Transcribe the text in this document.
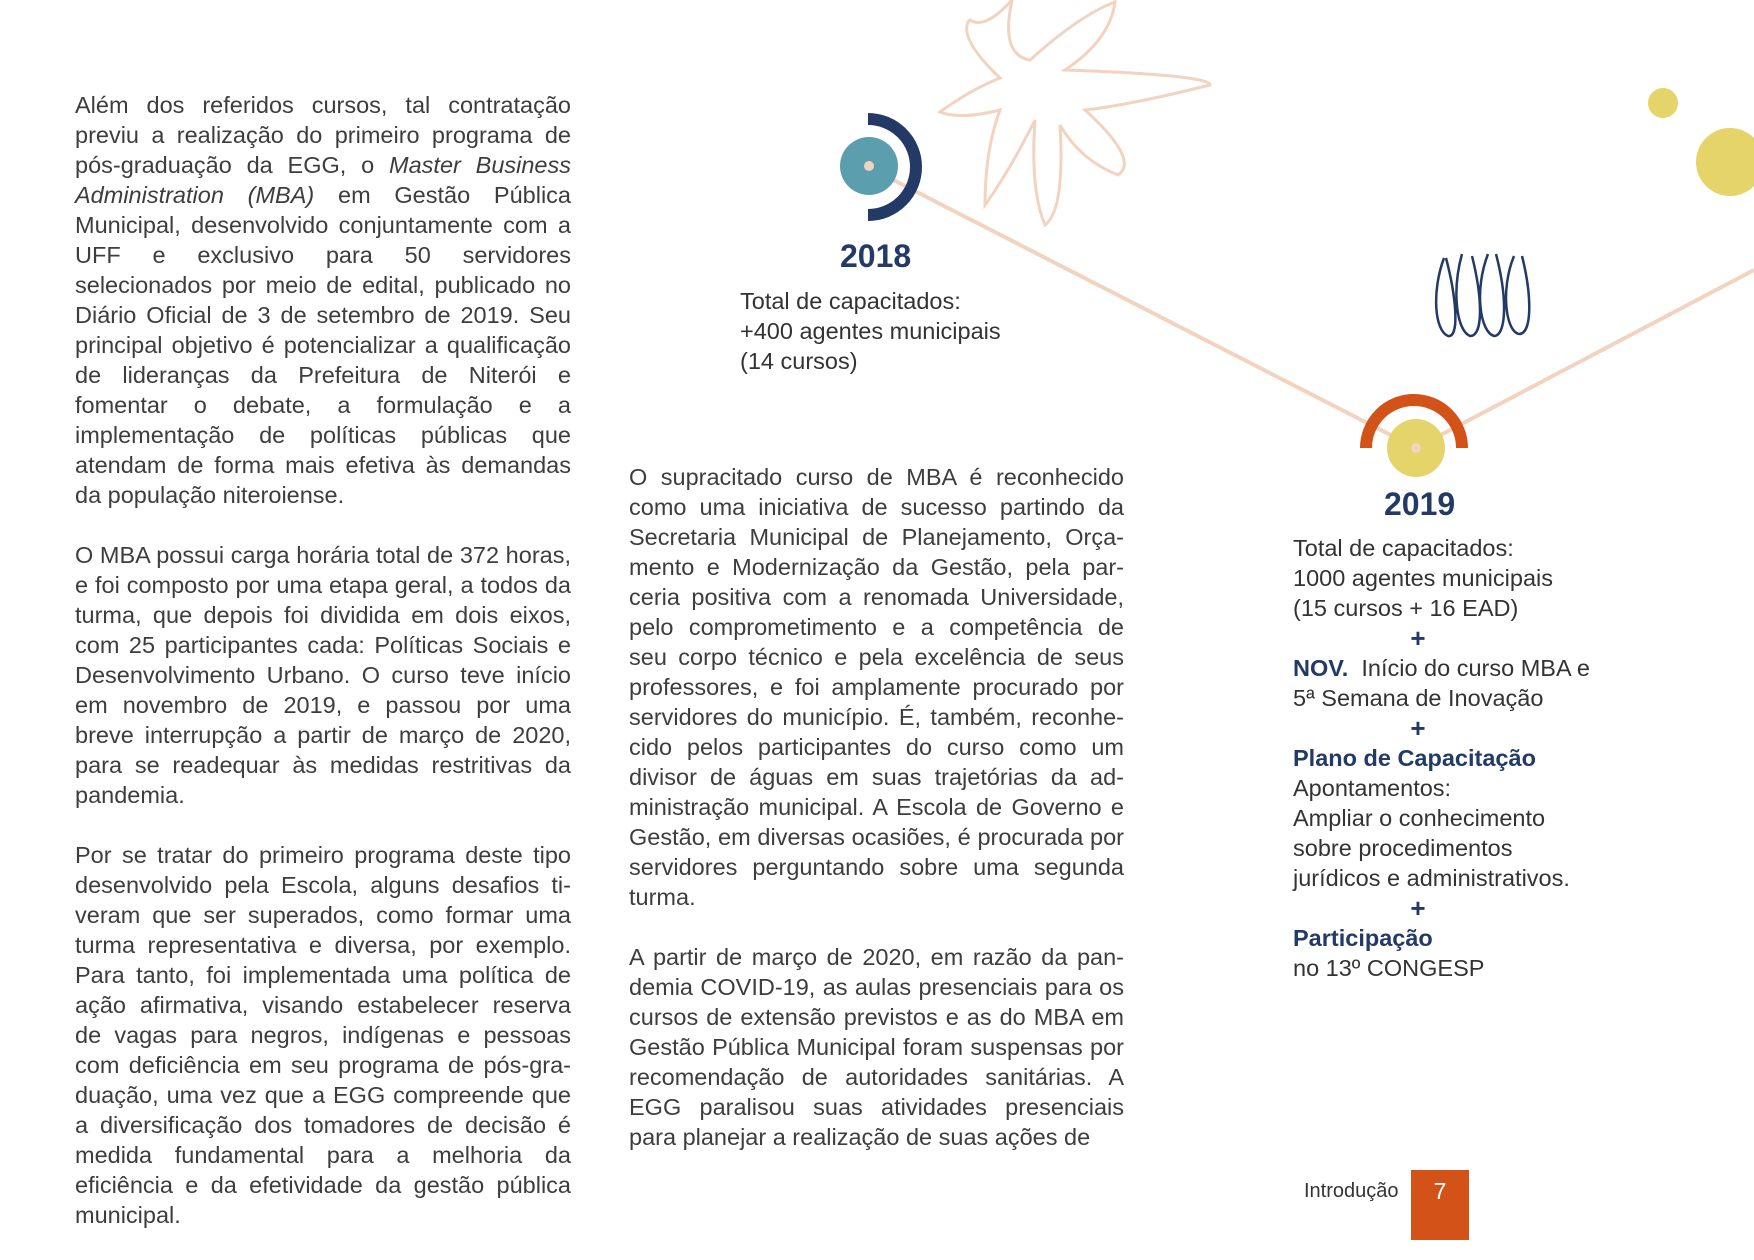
Além dos referidos cursos, tal contratação previu a realização do primeiro programa de pós-graduação da EGG, o Master Business Administration (MBA) em Gestão Pública Municipal, desenvolvido conjuntamente com a UFF e exclusivo para 50 servidores selecionados por meio de edital, publicado no Diário Oficial de 3 de setembro de 2019. Seu principal objetivo é potencializar a qualificação de lideranças da Prefeitura de Niterói e fomentar o debate, a formulação e a implementação de políticas públicas que atendam de forma mais efetiva às demandas da população niteroiense.

O MBA possui carga horária total de 372 horas, e foi composto por uma etapa geral, a todos da turma, que depois foi dividida em dois eixos, com 25 participantes cada: Políticas Sociais e Desenvolvimento Urbano. O curso teve início em novembro de 2019, e passou por uma breve interrupção a partir de março de 2020, para se readequar às medidas restritivas da pandemia.

Por se tratar do primeiro programa deste tipo desenvolvido pela Escola, alguns desafios tiveram que ser superados, como formar uma turma representativa e diversa, por exemplo. Para tanto, foi implementada uma política de ação afirmativa, visando estabelecer reserva de vagas para negros, indígenas e pessoas com deficiência em seu programa de pós-graduação, uma vez que a EGG compreende que a diversificação dos tomadores de decisão é medida fundamental para a melhoria da eficiência e da efetividade da gestão pública municipal.

O supracitado curso de MBA é reconhecido como uma iniciativa de sucesso partindo da Secretaria Municipal de Planejamento, Orçamento e Modernização da Gestão, pela parceria positiva com a renomada Universidade, pelo comprometimento e a competência de seu corpo técnico e pela excelência de seus professores, e foi amplamente procurado por servidores do município. É, também, reconhecido pelos participantes do curso como um divisor de águas em suas trajetórias da administração municipal. A Escola de Governo e Gestão, em diversas ocasiões, é procurada por servidores perguntando sobre uma segunda turma.

A partir de março de 2020, em razão da pandemia COVID-19, as aulas presenciais para os cursos de extensão previstos e as do MBA em Gestão Pública Municipal foram suspensas por recomendação de autoridades sanitárias. A EGG paralisou suas atividades presenciais para planejar a realização de suas ações de

2018
Total de capacitados:
+400 agentes municipais
(14 cursos)
2019
Total de capacitados:
1000 agentes municipais
(15 cursos + 16 EAD)
+
NOV.  Início do curso MBA e
5ª Semana de Inovação
+
Plano de Capacitação
Apontamentos:
Ampliar o conhecimento
sobre procedimentos
jurídicos e administrativos.
+
Participação
no 13º CONGESP
Introdução	7
